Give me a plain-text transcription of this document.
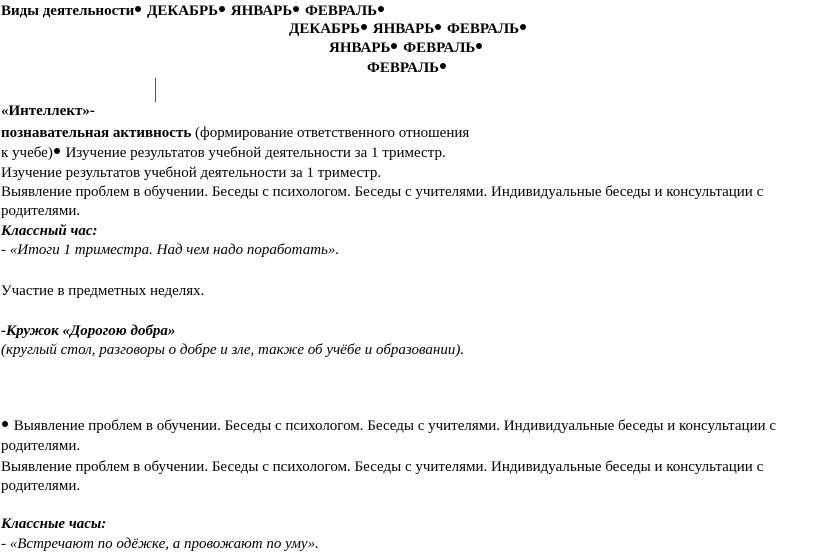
Виды деятельности ДЕКАБРЬ ЯНВАРЬ ФЕВРАЛЬ

ДЕКАБРЬ ЯНВАРЬ ФЕВРАЛЬ

ЯНВАРЬ ФЕВРАЛЬ

ФЕВРАЛЬ

«Интеллект»-

познавательная активность (формирование ответственного отношения

к учебе) Изучение результатов учебной деятельности за 1 триместр.

Изучение результатов учебной деятельности за 1 триместр.

Выявление проблем в обучении. Беседы с психологом. Беседы с учителями. Индивидуальные беседы и консультации с

родителями.

Классный час:

- «Итоги 1 триместра. Над чем надо поработать».

Участие в предметных неделях.

-Кружок «Дорогою добра»

(круглый стол, разговоры о добре и зле, также об учёбе и образовании).

Выявление проблем в обучении. Беседы с психологом. Беседы с учителями. Индивидуальные беседы и консультации с

родителями.

Выявление проблем в обучении. Беседы с психологом. Беседы с учителями. Индивидуальные беседы и консультации с

родителями.

Классные часы:

- «Встречают по одёжке, а провожают по уму».
